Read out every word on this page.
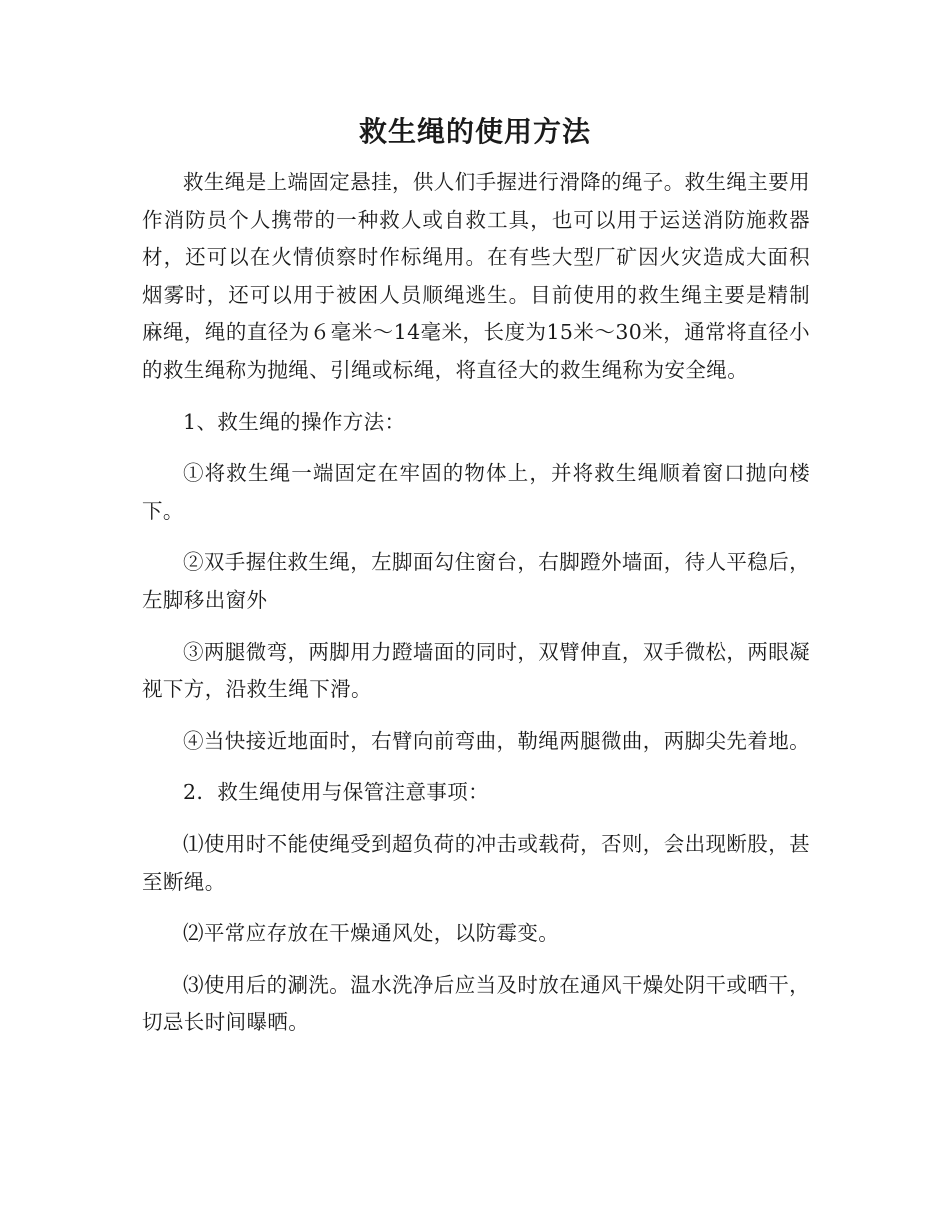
救生绳的使用方法

救生绳是上端固定悬挂，供人们手握进行滑降的绳子。救生绳主要用作消防员个人携带的一种救人或自救工具，也可以用于运送消防施救器材，还可以在火情侦察时作标绳用。在有些大型厂矿因火灾造成大面积烟雾时，还可以用于被困人员顺绳逃生。目前使用的救生绳主要是精制麻绳，绳的直径为６毫米～14毫米，长度为15米～30米，通常将直径小的救生绳称为抛绳、引绳或标绳，将直径大的救生绳称为安全绳。

1、救生绳的操作方法：

①将救生绳一端固定在牢固的物体上，并将救生绳顺着窗口抛向楼下。

②双手握住救生绳，左脚面勾住窗台，右脚蹬外墙面，待人平稳后，左脚移出窗外

③两腿微弯，两脚用力蹬墙面的同时，双臂伸直，双手微松，两眼凝视下方，沿救生绳下滑。

④当快接近地面时，右臂向前弯曲，勒绳两腿微曲，两脚尖先着地。

2．救生绳使用与保管注意事项：

⑴使用时不能使绳受到超负荷的冲击或载荷，否则，会出现断股，甚至断绳。

⑵平常应存放在干燥通风处，以防霉变。

⑶使用后的涮洗。温水洗净后应当及时放在通风干燥处阴干或晒干，切忌长时间曝晒。
